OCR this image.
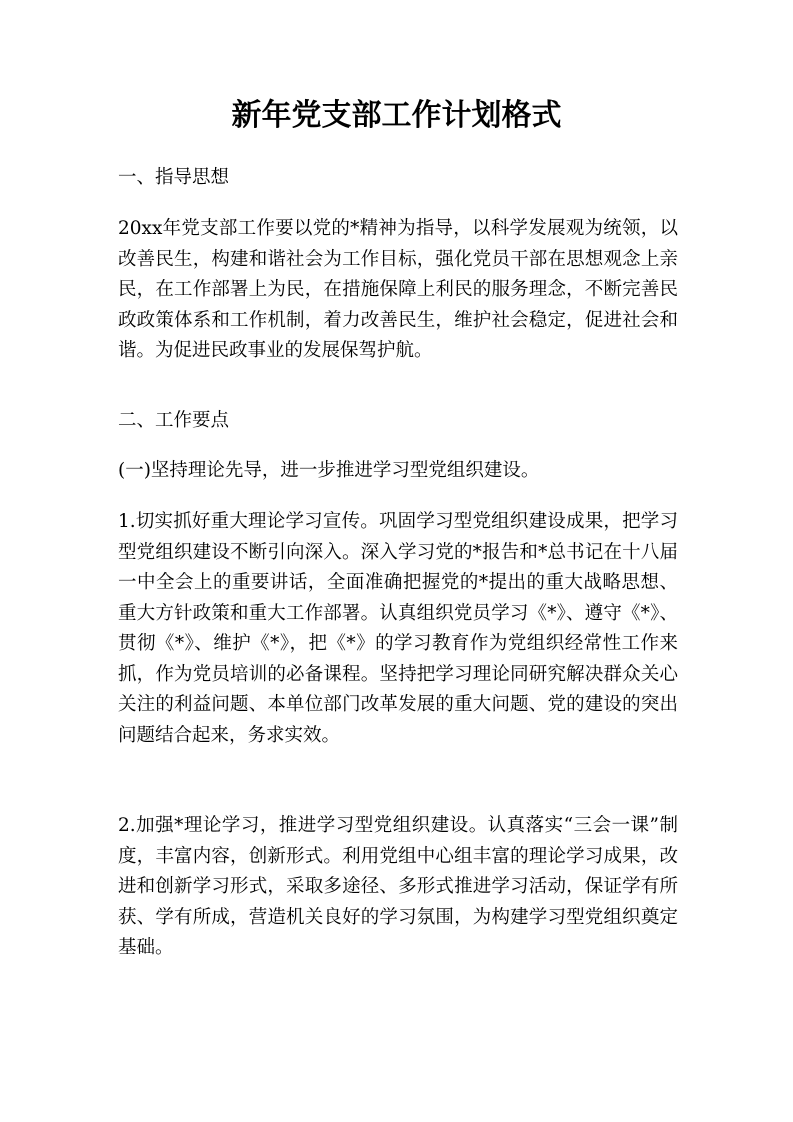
新年党支部工作计划格式

一、指导思想

20xx年党支部工作要以党的*精神为指导，以科学发展观为统领，以改善民生，构建和谐社会为工作目标，强化党员干部在思想观念上亲民，在工作部署上为民，在措施保障上利民的服务理念，不断完善民政政策体系和工作机制，着力改善民生，维护社会稳定，促进社会和谐。为促进民政事业的发展保驾护航。

二、工作要点

(一)坚持理论先导，进一步推进学习型党组织建设。

1.切实抓好重大理论学习宣传。巩固学习型党组织建设成果，把学习型党组织建设不断引向深入。深入学习党的*报告和*总书记在十八届一中全会上的重要讲话，全面准确把握党的*提出的重大战略思想、重大方针政策和重大工作部署。认真组织党员学习《*》、遵守《*》、贯彻《*》、维护《*》，把《*》的学习教育作为党组织经常性工作来抓，作为党员培训的必备课程。坚持把学习理论同研究解决群众关心关注的利益问题、本单位部门改革发展的重大问题、党的建设的突出问题结合起来，务求实效。

2.加强*理论学习，推进学习型党组织建设。认真落实“三会一课”制度，丰富内容，创新形式。利用党组中心组丰富的理论学习成果，改进和创新学习形式，采取多途径、多形式推进学习活动，保证学有所获、学有所成，营造机关良好的学习氛围，为构建学习型党组织奠定基础。
